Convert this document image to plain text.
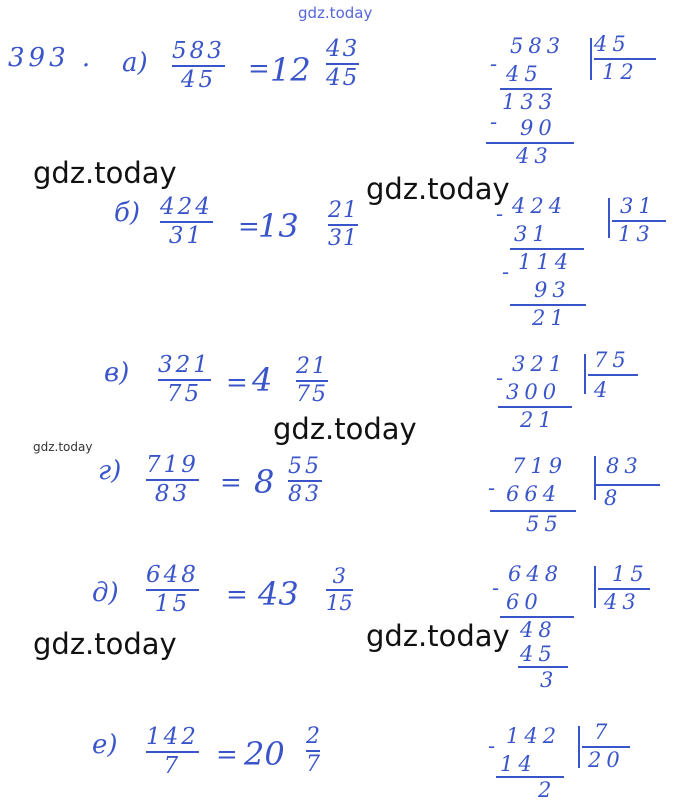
gdz.today
gdz.today	gdz.today
gdz.today
gdz.today
gdz.today	gdz.today
393 . a) 583
45 = 12
43
45
583 45
12
- 45
133
- 90
43
б) 424
31 =
13 21
31
- 424	31
13
31
- 114
93
21
в) 321
75 = 4 21
75
-
321 75
4
300
21
г) 719
83 = 8 55
83
719 83
8
- 664
55
д)
648
15 = 43 3
15
-
648 15
43
60
48
45
3
е) 142
7 = 20 2
7
- 142 7
20
14
2
